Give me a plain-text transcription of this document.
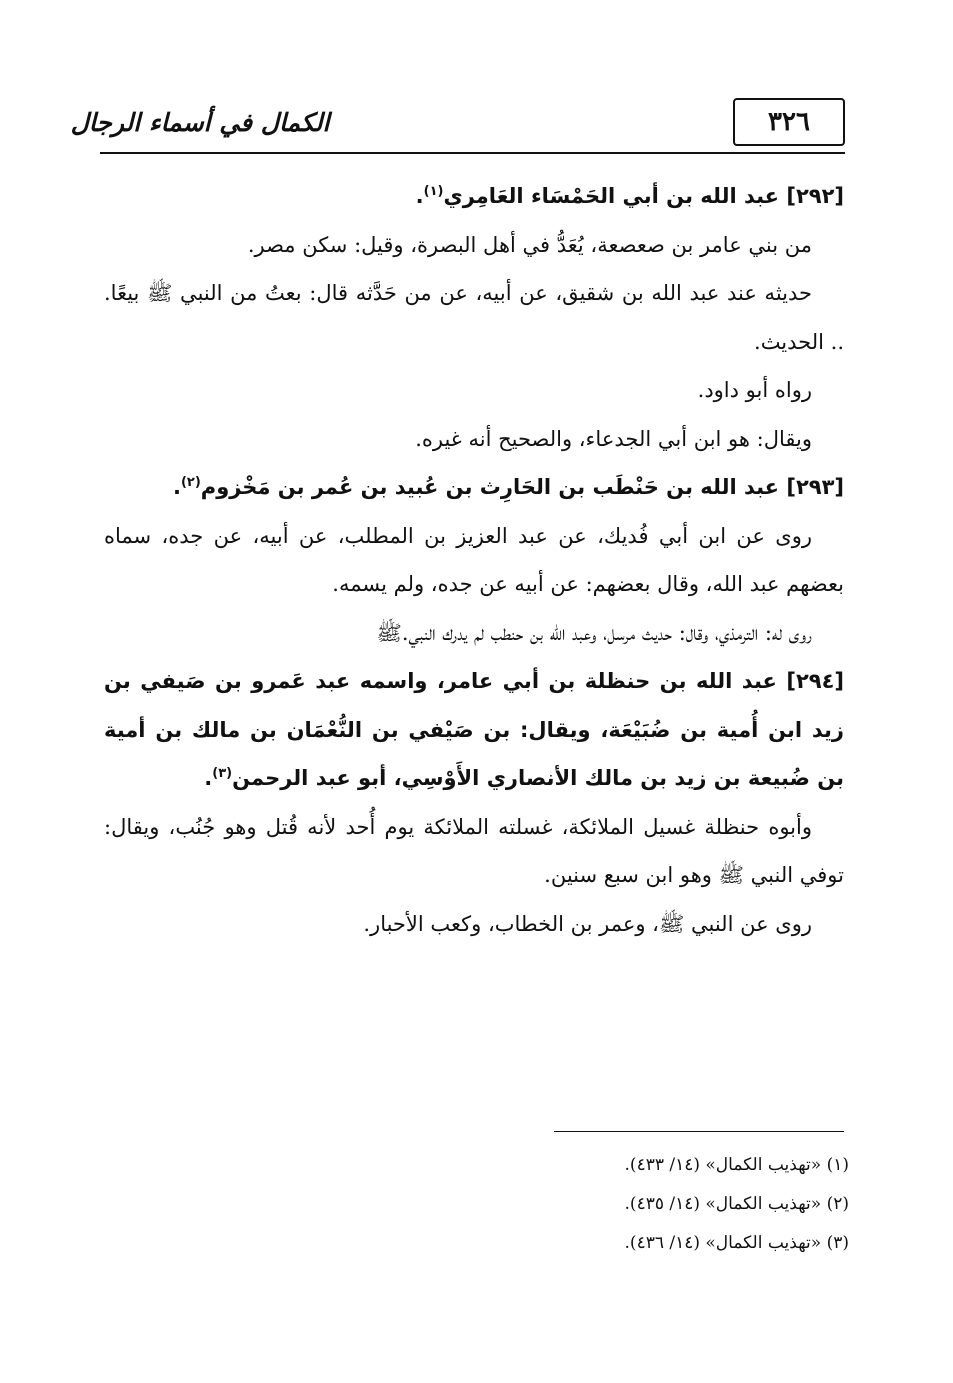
٣٢٦
الكمال في أسماء الرجال

[٢٩٢] عبد الله بن أبي الحَمْسَاء العَامِري$^{(١)}$.

من بني عامر بن صعصعة، يُعَدُّ في أهل البصرة، وقيل: سكن مصر.

حديثه عند عبد الله بن شقيق، عن أبيه، عن من حَدَّثه قال: بعتُ من النبي ﷺ بيعًا. .. الحديث.

رواه أبو داود.

ويقال: هو ابن أبي الجدعاء، والصحيح أنه غيره.

[٢٩٣] عبد الله بن حَنْطَب بن الحَارِث بن عُبيد بن عُمر بن مَخْزوم$^{(٢)}$.

روى عن ابن أبي فُديك، عن عبد العزيز بن المطلب، عن أبيه، عن جده، سماه بعضهم عبد الله، وقال بعضهم: عن أبيه عن جده، ولم يسمه.

روى له: الترمذي، وقال: حديث مرسل، وعبد الله بن حنطب لم يدرك النبي.ﷺ

[٢٩٤] عبد الله بن حنظلة بن أبي عامر، واسمه عبد عَمرو بن صَيفي بن زيد ابن أُمية بن ضُبَيْعَة، ويقال: بن صَيْفي بن النُّعْمَان بن مالك بن أمية بن ضُبيعة بن زيد بن مالك الأنصاري الأَوْسِي، أبو عبد الرحمن$^{(٣)}$.

وأبوه حنظلة غسيل الملائكة، غسلته الملائكة يوم أُحد لأنه قُتل وهو جُنُب، ويقال: توفي النبي ﷺ وهو ابن سبع سنين.

روى عن النبي ﷺ، وعمر بن الخطاب، وكعب الأحبار.

(١) «تهذيب الكمال» (١٤/ ٤٣٣).

(٢) «تهذيب الكمال» (١٤/ ٤٣٥).

(٣) «تهذيب الكمال» (١٤/ ٤٣٦).
